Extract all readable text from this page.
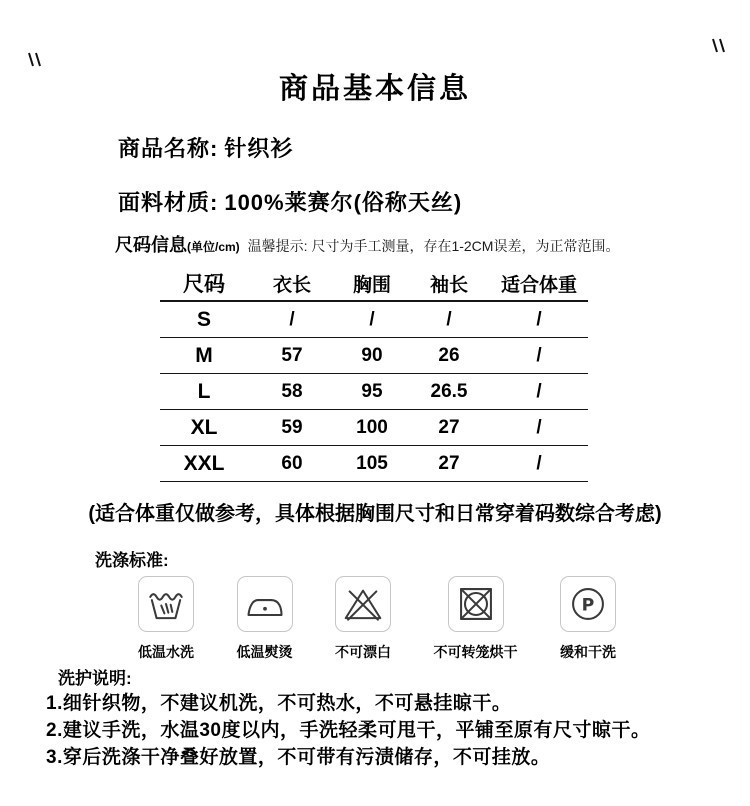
商品基本信息
商品名称: 针织衫
面料材质: 100%莱赛尔(俗称天丝)
尺码信息(单位/cm) 温馨提示: 尺寸为手工测量，存在1-2CM误差，为正常范围。
尺码	衣长	胸围	袖长	适合体重
S	/	/	/	/
M	57	90	26	/
L	58	95	26.5	/
XL	59	100	27	/
XXL	60	105	27	/
(适合体重仅做参考，具体根据胸围尺寸和日常穿着码数综合考虑)
洗涤标准:
低温水洗	低温熨烫	不可漂白	不可转笼烘干
P
缓和干洗
洗护说明:
1.细针织物，不建议机洗，不可热水，不可悬挂晾干。
2.建议手洗，水温30度以内，手洗轻柔可甩干，平铺至原有尺寸晾干。
3.穿后洗涤干净叠好放置，不可带有污渍储存，不可挂放。
